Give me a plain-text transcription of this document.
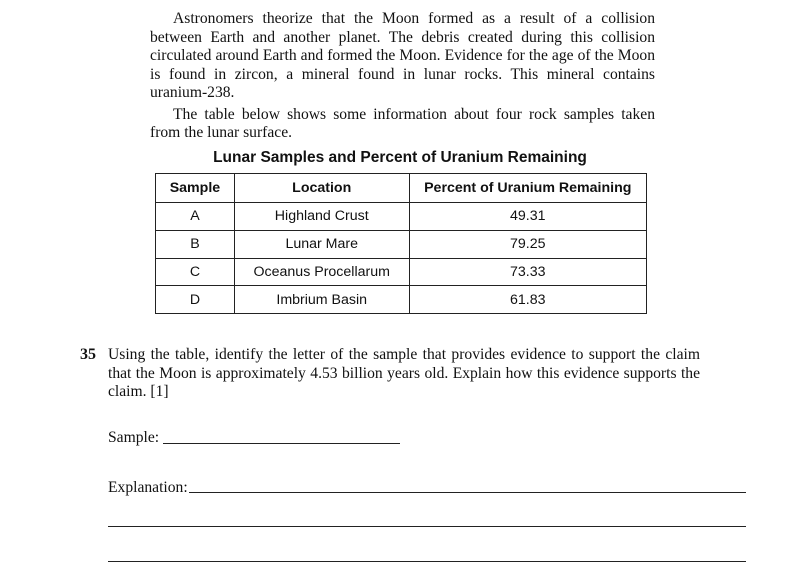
Astronomers theorize that the Moon formed as a result of a collision between Earth and another planet. The debris created during this collision circulated around Earth and formed the Moon. Evidence for the age of the Moon is found in zircon, a mineral found in lunar rocks. This mineral contains uranium-238.

The table below shows some information about four rock samples taken from the lunar surface.

Lunar Samples and Percent of Uranium Remaining
Sample	Location	Percent of Uranium Remaining
A	Highland Crust	49.31
B	Lunar Mare	79.25
C	Oceanus Procellarum	73.33
D	Imbrium Basin	61.83
35 Using the table, identify the letter of the sample that provides evidence to support the claim that the Moon is approximately 4.53 billion years old. Explain how this evidence supports the claim. [1]
Sample:
Explanation:
